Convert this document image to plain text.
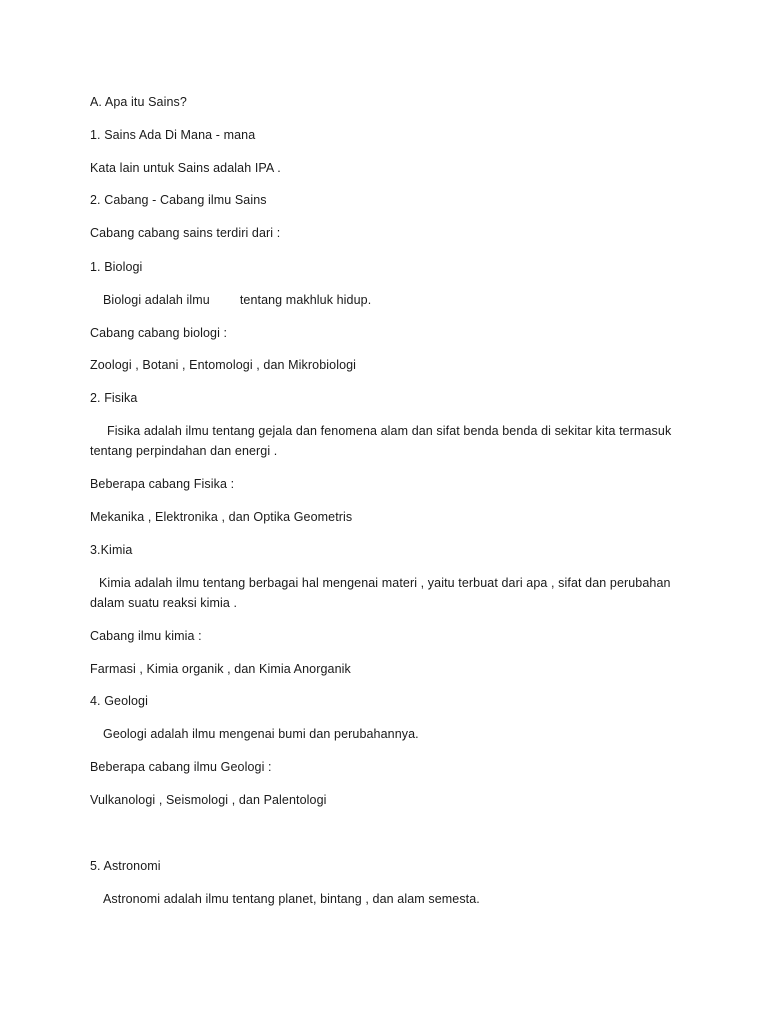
A. Apa itu Sains?
1. Sains Ada Di Mana - mana
Kata lain untuk Sains adalah IPA .
2. Cabang - Cabang ilmu Sains
Cabang cabang sains terdiri dari :
1. Biologi
Biologi adalah ilmu tentang makhluk hidup.
Cabang cabang biologi :
Zoologi , Botani , Entomologi , dan Mikrobiologi
2. Fisika
Fisika adalah ilmu tentang gejala dan fenomena alam dan sifat benda benda di sekitar kita termasuk
tentang perpindahan dan energi .
Beberapa cabang Fisika :
Mekanika , Elektronika , dan Optika Geometris
3.Kimia
Kimia adalah ilmu tentang berbagai hal mengenai materi , yaitu terbuat dari apa , sifat dan perubahan
dalam suatu reaksi kimia .
Cabang ilmu kimia :
Farmasi , Kimia organik , dan Kimia Anorganik
4. Geologi
Geologi adalah ilmu mengenai bumi dan perubahannya.
Beberapa cabang ilmu Geologi :
Vulkanologi , Seismologi , dan Palentologi
5. Astronomi
Astronomi adalah ilmu tentang planet, bintang , dan alam semesta.
